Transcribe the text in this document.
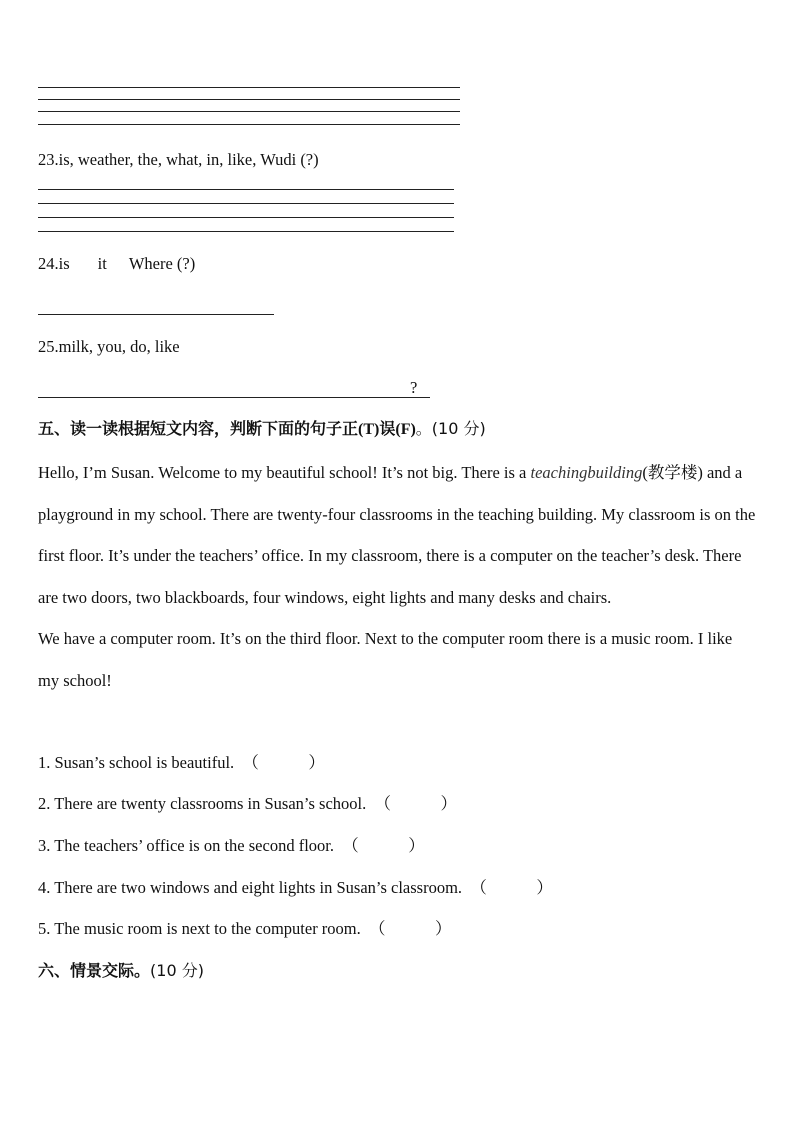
23.is, weather, the, what, in, like, Wudi (?)
24.is it Where (?)
25.milk, you, do, like
?
五、读一读根据短文内容，判断下面的句子正(T)误(F)。(10 分)

Hello, I’m Susan. Welcome to my beautiful school! It’s not big. There is a teachingbuilding(教学楼) and a playground in my school. There are twenty-four classrooms in the teaching building. My classroom is on the first floor. It’s under the teachers’ office. In my classroom, there is a computer on the teacher’s desk. There are two doors, two blackboards, four windows, eight lights and many desks and chairs.

We have a computer room. It’s on the third floor. Next to the computer room there is a music room. I like my school!

1. Susan’s school is beautiful. （　　　）
2. There are twenty classrooms in Susan’s school. （　　　）
3. The teachers’ office is on the second floor. （　　　）
4. There are two windows and eight lights in Susan’s classroom. （　　　）
5. The music room is next to the computer room. （　　　）
六、情景交际。(10 分)
